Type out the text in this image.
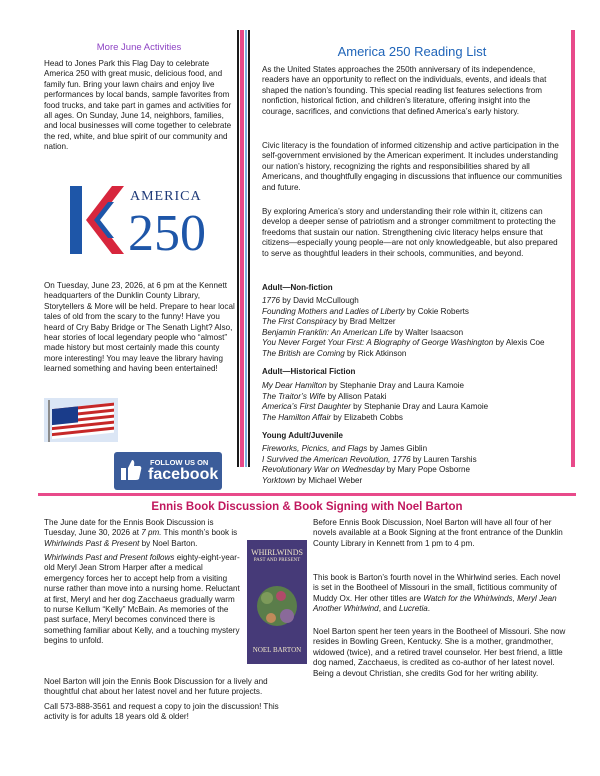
More June Activities

Head to Jones Park this Flag Day to celebrate America 250 with great music, delicious food, and family fun. Bring your lawn chairs and enjoy live performances by local bands, sample favorites from food trucks, and take part in games and activities for all ages. On Sunday, June 14, neighbors, families, and local businesses will come together to celebrate the red, white, and blue spirit of our community and nation.

AMERICA
250

On Tuesday, June 23, 2026, at 6 pm at the Kennett headquarters of the Dunklin County Library, Storytellers & More will be held. Prepare to hear local tales of old from the scary to the funny! Have you heard of Cry Baby Bridge or The Senath Light? Also, hear stories of local legendary people who “almost” made history but most certainly made this county more interesting! You may leave the library having learned something and having been entertained!

FOLLOW US ON
facebook
America 250 Reading List

As the United States approaches the 250th anniversary of its independence, readers have an opportunity to reflect on the individuals, events, and ideals that shaped the nation’s founding. This special reading list features selections from nonfiction, historical fiction, and children’s literature, offering insight into the courage, sacrifices, and convictions that defined America’s early history.

Civic literacy is the foundation of informed citizenship and active participation in the self-government envisioned by the American experiment. It includes understanding our nation’s history, recognizing the rights and responsibilities shared by all Americans, and thoughtfully engaging in discussions that influence our communities and future.

By exploring America’s story and understanding their role within it, citizens can develop a deeper sense of patriotism and a stronger commitment to protecting the freedoms that sustain our nation. Strengthening civic literacy helps ensure that citizens—especially young people—are not only knowledgeable, but also prepared to serve as thoughtful leaders in their schools, communities, and beyond.

Adult—Non-fiction
1776 by David McCullough
Founding Mothers and Ladies of Liberty by Cokie Roberts
The First Conspiracy by Brad Meltzer
Benjamin Franklin: An American Life by Walter Isaacson
You Never Forget Your First: A Biography of George Washington by Alexis Coe
The British are Coming by Rick Atkinson
Adult—Historical Fiction
My Dear Hamilton by Stephanie Dray and Laura Kamoie
The Traitor’s Wife by Allison Pataki
America’s First Daughter by Stephanie Dray and Laura Kamoie
The Hamilton Affair by Elizabeth Cobbs
Young Adult/Juvenile
Fireworks, Picnics, and Flags by James Giblin
I Survived the American Revolution, 1776 by Lauren Tarshis
Revolutionary War on Wednesday by Mary Pope Osborne
Yorktown by Michael Weber
Ennis Book Discussion & Book Signing with Noel Barton
The June date for the Ennis Book Discussion is Tuesday, June 30, 2026 at 7 pm. This month’s book is Whirlwinds Past & Present by Noel Barton.
Whirlwinds Past and Present follows eighty-eight-year-old Meryl Jean Strom Harper after a medical emergency forces her to accept help from a visiting nurse rather than move into a nursing home. Reluctant at first, Meryl and her dog Zacchaeus gradually warm to nurse Kellum “Kelly” McBain. As memories of the past surface, Meryl becomes convinced there is something familiar about Kelly, and a touching mystery begins to unfold.

Noel Barton will join the Ennis Book Discussion for a lively and thoughtful chat about her latest novel and her future projects.

Call 573-888-3561 and request a copy to join the discussion! This activity is for adults 18 years old & older!

WHIRLWINDS
PAST AND PRESENT
NOEL BARTON

Before Ennis Book Discussion, Noel Barton will have all four of her novels available at a Book Signing at the front entrance of the Dunklin County Library in Kennett from 1 pm to 4 pm.

This book is Barton’s fourth novel in the Whirlwind series. Each novel is set in the Bootheel of Missouri in the small, fictitious community of Muddy Ox. Her other titles are Watch for the Whirlwinds, Meryl Jean Another Whirlwind, and Lucretia.

Noel Barton spent her teen years in the Bootheel of Missouri. She now resides in Bowling Green, Kentucky. She is a mother, grandmother, widowed (twice), and a retired travel counselor. Her best friend, a little dog named, Zacchaeus, is credited as co-author of her latest novel. Being a devout Christian, she credits God for her writing ability.
